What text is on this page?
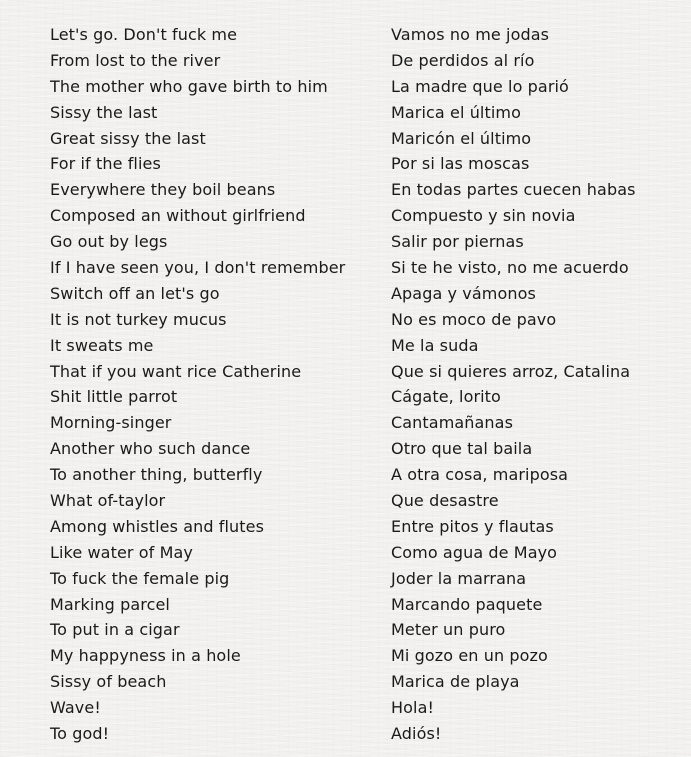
Let's go. Don't fuck me
From lost to the river
The mother who gave birth to him
Sissy the last
Great sissy the last
For if the flies
Everywhere they boil beans
Composed an without girlfriend
Go out by legs
If I have seen you, I don't remember
Switch off an let's go
It is not turkey mucus
It sweats me
That if you want rice Catherine
Shit little parrot
Morning-singer
Another who such dance
To another thing, butterfly
What of-taylor
Among whistles and flutes
Like water of May
To fuck the female pig
Marking parcel
To put in a cigar
My happyness in a hole
Sissy of beach
Wave!
To god!
Vamos no me jodas
De perdidos al río
La madre que lo parió
Marica el último
Maricón el último
Por si las moscas
En todas partes cuecen habas
Compuesto y sin novia
Salir por piernas
Si te he visto, no me acuerdo
Apaga y vámonos
No es moco de pavo
Me la suda
Que si quieres arroz, Catalina
Cágate, lorito
Cantamañanas
Otro que tal baila
A otra cosa, mariposa
Que desastre
Entre pitos y flautas
Como agua de Mayo
Joder la marrana
Marcando paquete
Meter un puro
Mi gozo en un pozo
Marica de playa
Hola!
Adiós!
